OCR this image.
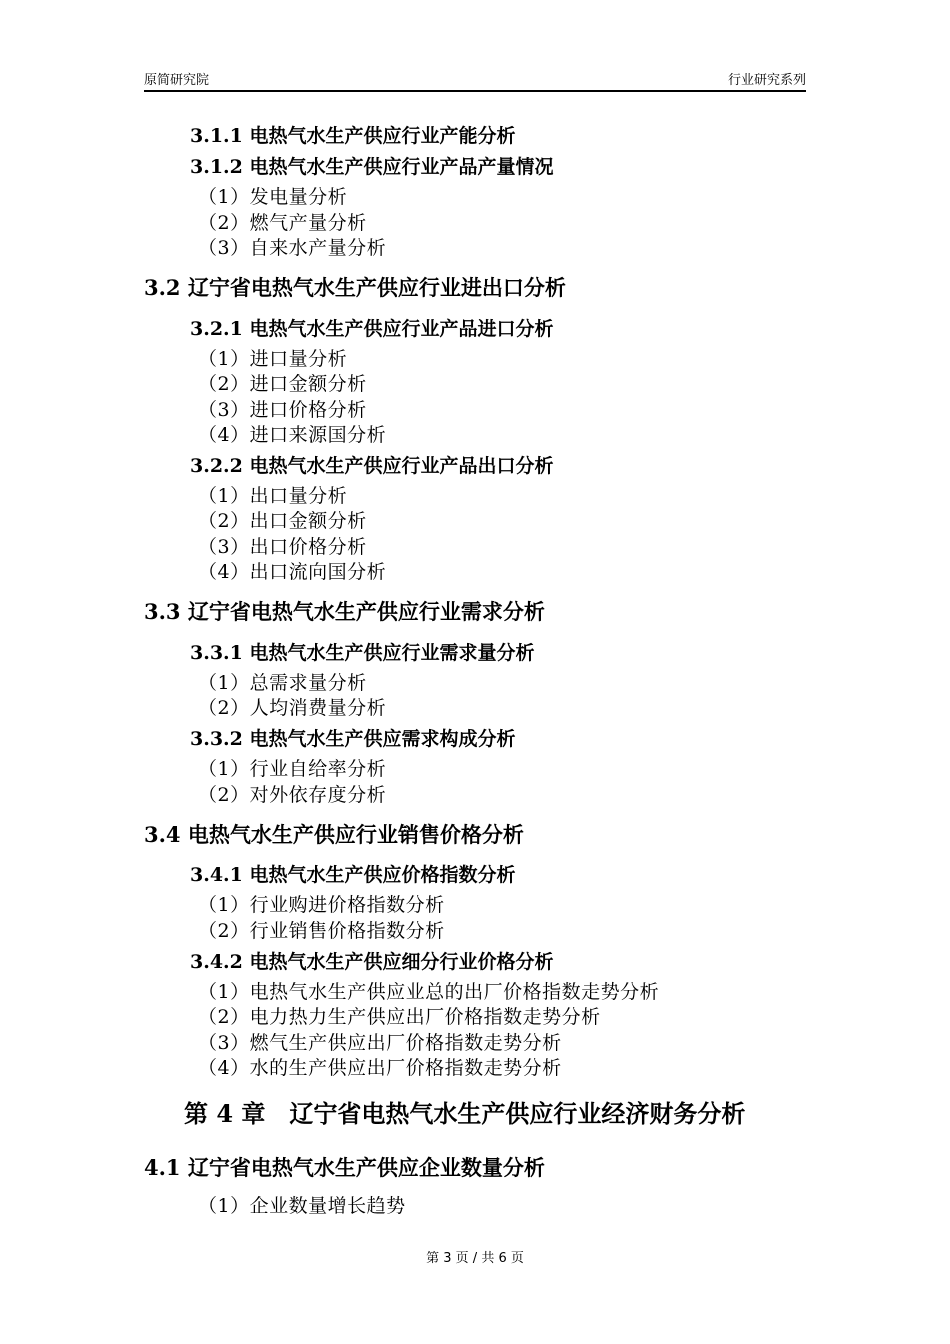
原简研究院	行业研究系列
3.1.1 电热气水生产供应行业产能分析
3.1.2 电热气水生产供应行业产品产量情况
（1）发电量分析
（2）燃气产量分析
（3）自来水产量分析
3.2 辽宁省电热气水生产供应行业进出口分析
3.2.1 电热气水生产供应行业产品进口分析
（1）进口量分析
（2）进口金额分析
（3）进口价格分析
（4）进口来源国分析
3.2.2 电热气水生产供应行业产品出口分析
（1）出口量分析
（2）出口金额分析
（3）出口价格分析
（4）出口流向国分析
3.3 辽宁省电热气水生产供应行业需求分析
3.3.1 电热气水生产供应行业需求量分析
（1）总需求量分析
（2）人均消费量分析
3.3.2 电热气水生产供应需求构成分析
（1）行业自给率分析
（2）对外依存度分析
3.4 电热气水生产供应行业销售价格分析
3.4.1 电热气水生产供应价格指数分析
（1）行业购进价格指数分析
（2）行业销售价格指数分析
3.4.2 电热气水生产供应细分行业价格分析
（1）电热气水生产供应业总的出厂价格指数走势分析
（2）电力热力生产供应出厂价格指数走势分析
（3）燃气生产供应出厂价格指数走势分析
（4）水的生产供应出厂价格指数走势分析
第 4 章　辽宁省电热气水生产供应行业经济财务分析
4.1 辽宁省电热气水生产供应企业数量分析
（1）企业数量增长趋势
第 3 页 / 共 6 页
